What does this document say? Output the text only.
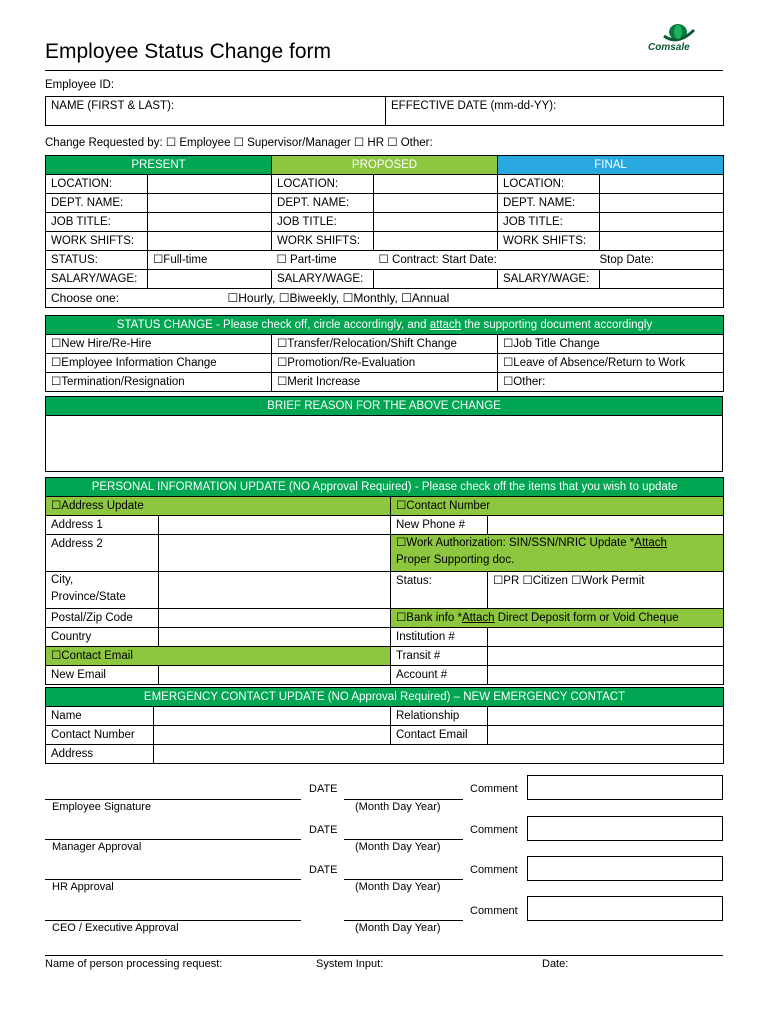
Employee Status Change form	Comsale
Employee ID:
NAME (FIRST & LAST):	EFFECTIVE DATE (mm-dd-YY):
Change Requested by: ☐ Employee ☐ Supervisor/Manager ☐ HR ☐ Other:
PRESENT		PROPOSED		FINAL	
LOCATION:		LOCATION:		LOCATION:	
DEPT. NAME:		DEPT. NAME:		DEPT. NAME:	
JOB TITLE:		JOB TITLE:		JOB TITLE:	
WORK SHIFTS:		WORK SHIFTS:		WORK SHIFTS:	
STATUS:	☐Full-time	☐ Part-time	☐ Contract: Start Date:		Stop Date:
SALARY/WAGE:		SALARY/WAGE:		SALARY/WAGE:	
Choose one: ☐Hourly, ☐Biweekly, ☐Monthly, ☐Annual					
STATUS CHANGE - Please check off, circle accordingly, and attach the supporting document accordingly		
☐New Hire/Re-Hire	☐Transfer/Relocation/Shift Change	☐Job Title Change
☐Employee Information Change	☐Promotion/Re-Evaluation	☐Leave of Absence/Return to Work
☐Termination/Resignation	☐Merit Increase	☐Other:
BRIEF REASON FOR THE ABOVE CHANGE

PERSONAL INFORMATION UPDATE (NO Approval Required) - Please check off the items that you wish to update			
☐Address Update		☐Contact Number	
Address 1		New Phone #	
Address 2		☐Work Authorization: SIN/SSN/NRIC Update *Attach
Proper Supporting doc.	
City,
Province/State		Status:	☐PR ☐Citizen ☐Work Permit
Postal/Zip Code		☐Bank info *Attach Direct Deposit form or Void Cheque	
Country		Institution #	
☐Contact Email		Transit #	
New Email		Account #	
EMERGENCY CONTACT UPDATE (NO Approval Required) – NEW EMERGENCY CONTACT			
Name		Relationship	
Contact Number		Contact Email	
Address			
DATE	Comment
Employee Signature	(Month Day Year)
DATE	Comment
Manager Approval	(Month Day Year)
DATE	Comment
HR Approval	(Month Day Year)
Comment
CEO / Executive Approval	(Month Day Year)
Name of person processing request:	System Input:	Date:
